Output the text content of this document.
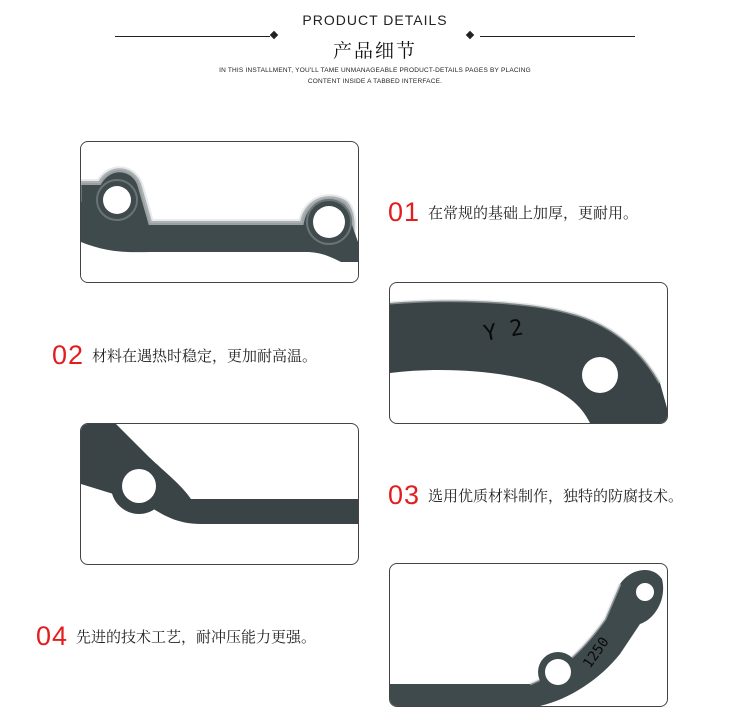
PRODUCT DETAILS
产品细节
IN THIS INSTALLMENT, YOU'LL TAME UNMANAGEABLE PRODUCT-DETAILS PAGES BY PLACING
CONTENT INSIDE A TABBED INTERFACE.
01 在常规的基础上加厚，更耐用。
Y 2
02 材料在遇热时稳定，更加耐高温。
03 选用优质材料制作，独特的防腐技术。
1250
04 先进的技术工艺，耐冲压能力更强。
